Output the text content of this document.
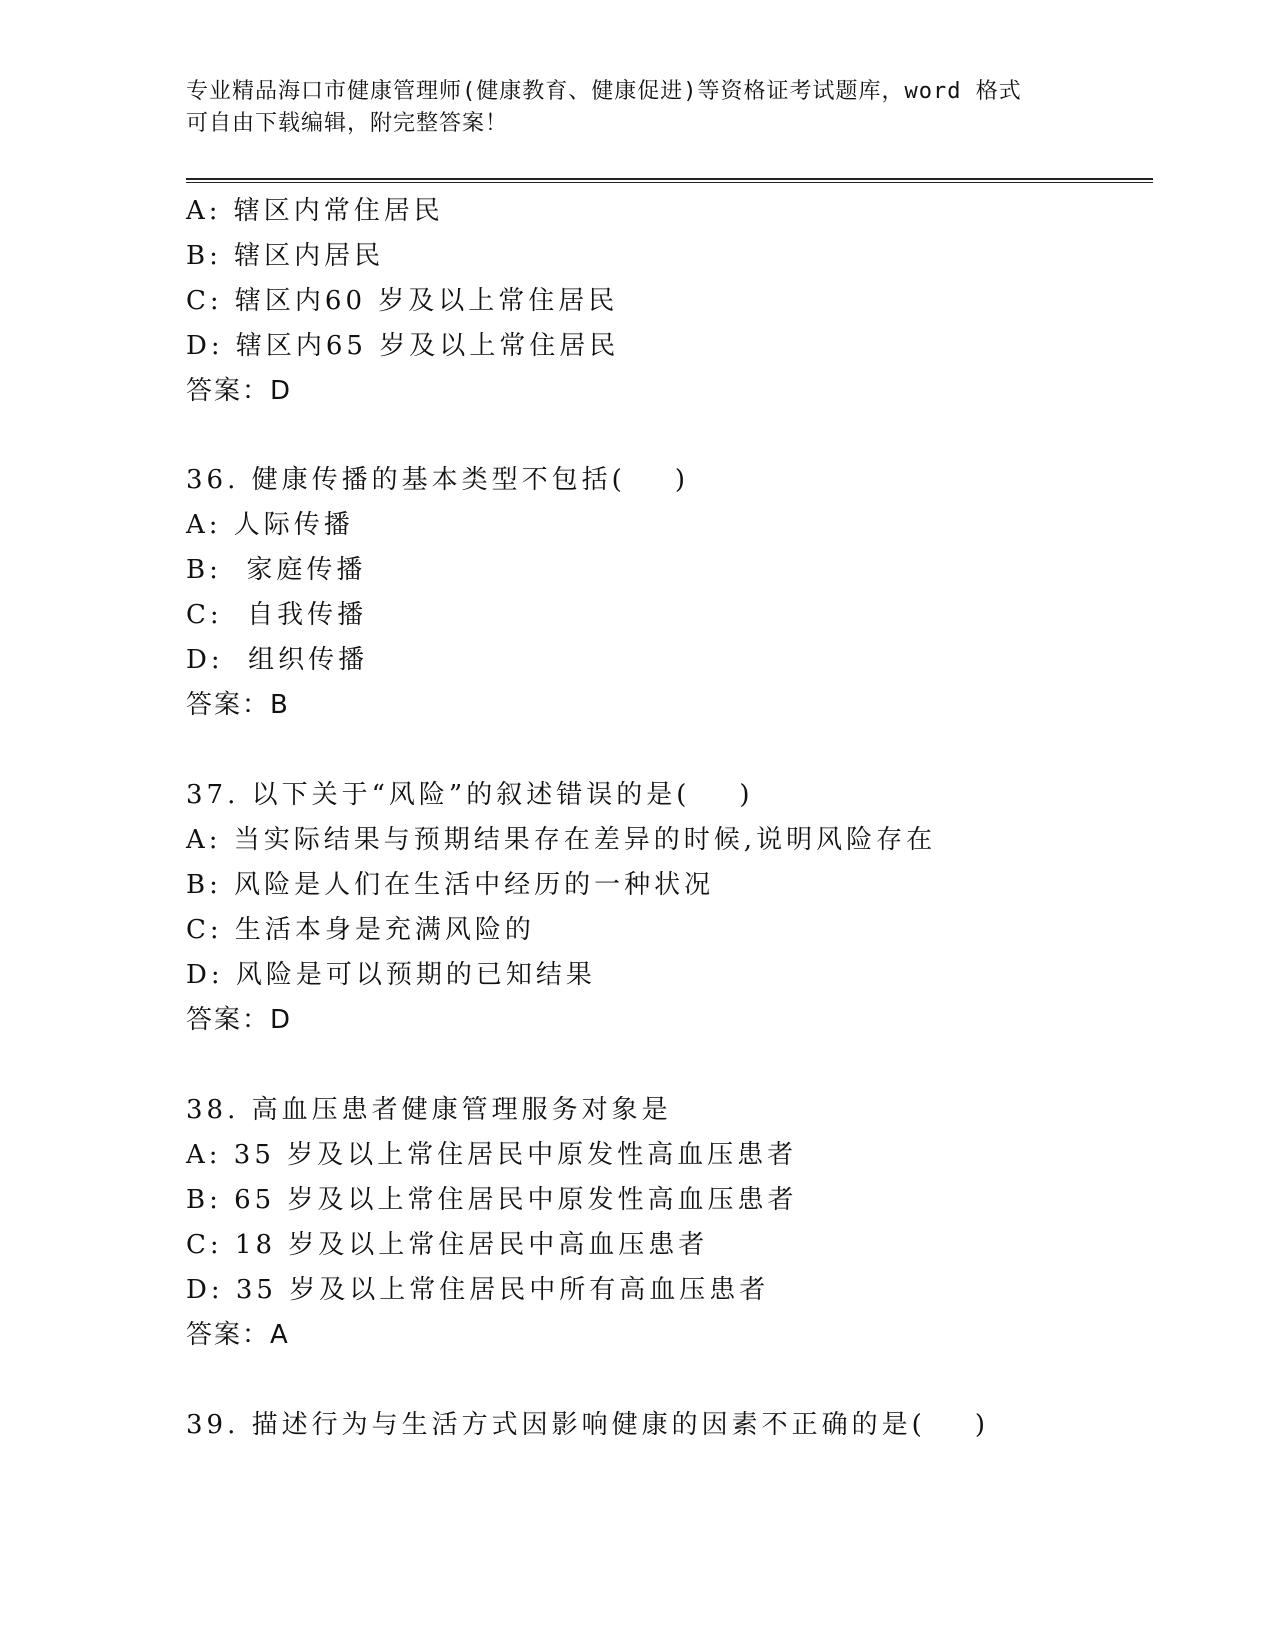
专业精品海口市健康管理师(健康教育、健康促进)等资格证考试题库，word 格式
可自由下载编辑，附完整答案！
A: 辖区内常住居民
B: 辖区内居民
C: 辖区内60 岁及以上常住居民
D: 辖区内65 岁及以上常住居民
答案：D
36. 健康传播的基本类型不包括(    )
A: 人际传播
B:  家庭传播
C:  自我传播
D:  组织传播
答案：B
37. 以下关于“风险”的叙述错误的是(    )
A: 当实际结果与预期结果存在差异的时候,说明风险存在
B: 风险是人们在生活中经历的一种状况
C: 生活本身是充满风险的
D: 风险是可以预期的已知结果
答案：D
38. 高血压患者健康管理服务对象是
A: 35 岁及以上常住居民中原发性高血压患者
B: 65 岁及以上常住居民中原发性高血压患者
C: 18 岁及以上常住居民中高血压患者
D: 35 岁及以上常住居民中所有高血压患者
答案：A
39. 描述行为与生活方式因影响健康的因素不正确的是(    )
